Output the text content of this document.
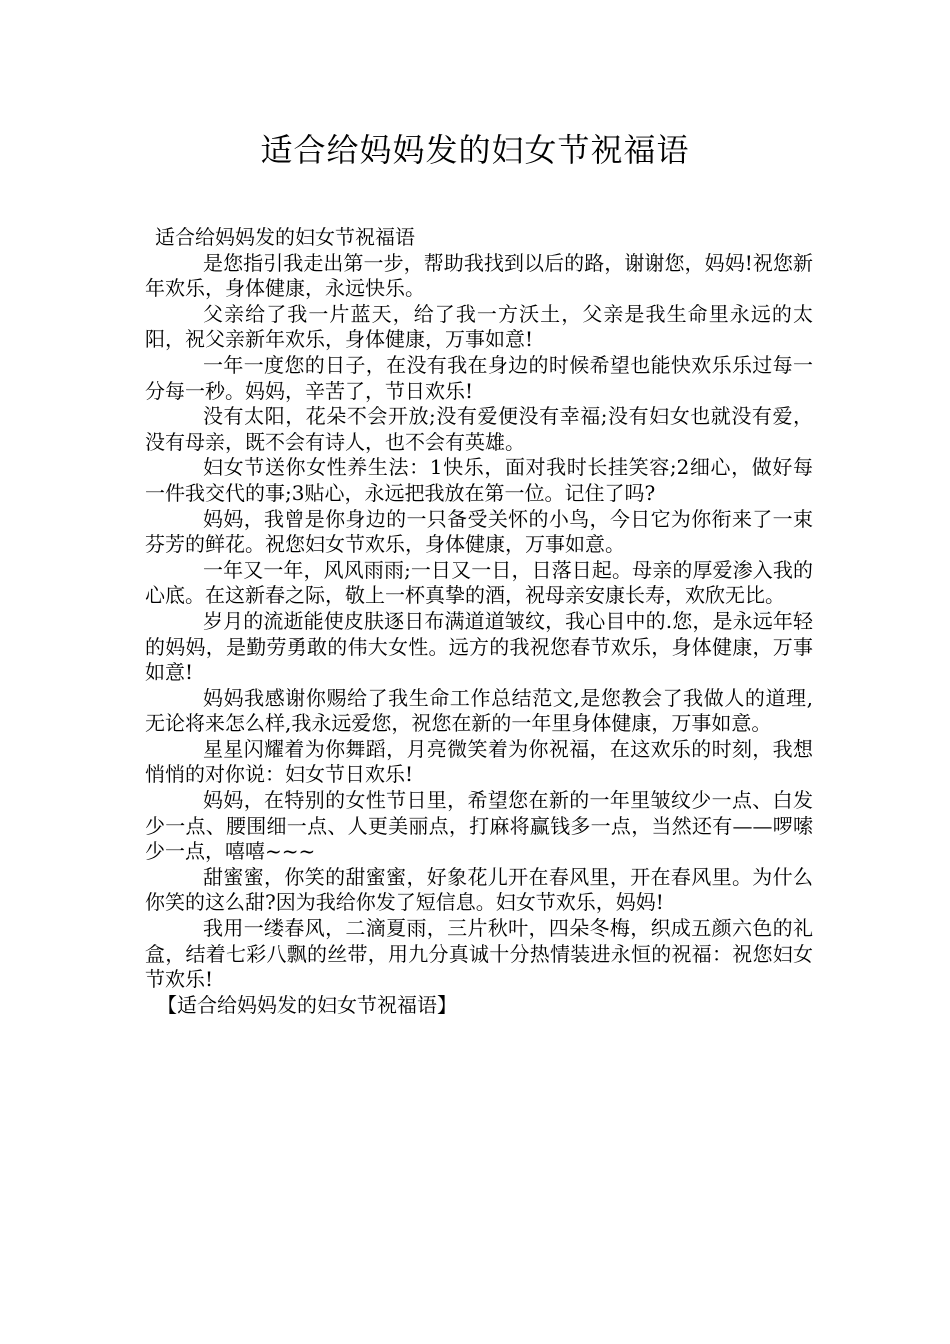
适合给妈妈发的妇女节祝福语

适合给妈妈发的妇女节祝福语

是您指引我走出第一步，帮助我找到以后的路，谢谢您，妈妈!祝您新年欢乐，身体健康，永远快乐。

父亲给了我一片蓝天，给了我一方沃土，父亲是我生命里永远的太阳，祝父亲新年欢乐，身体健康，万事如意!

一年一度您的日子，在没有我在身边的时候希望也能快欢乐乐过每一分每一秒。妈妈，辛苦了，节日欢乐!

没有太阳，花朵不会开放;没有爱便没有幸福;没有妇女也就没有爱，没有母亲，既不会有诗人，也不会有英雄。

妇女节送你女性养生法：1快乐，面对我时长挂笑容;2细心，做好每一件我交代的事;3贴心，永远把我放在第一位。记住了吗?

妈妈，我曾是你身边的一只备受关怀的小鸟，今日它为你衔来了一束芬芳的鲜花。祝您妇女节欢乐，身体健康，万事如意。

一年又一年，风风雨雨;一日又一日，日落日起。母亲的厚爱渗入我的心底。在这新春之际，敬上一杯真挚的酒，祝母亲安康长寿，欢欣无比。

岁月的流逝能使皮肤逐日布满道道皱纹，我心目中的.您，是永远年轻的妈妈，是勤劳勇敢的伟大女性。远方的我祝您春节欢乐，身体健康，万事如意!

妈妈我感谢你赐给了我生命工作总结范文,是您教会了我做人的道理,无论将来怎么样,我永远爱您，祝您在新的一年里身体健康，万事如意。

星星闪耀着为你舞蹈，月亮微笑着为你祝福，在这欢乐的时刻，我想悄悄的对你说：妇女节日欢乐!

妈妈，在特别的女性节日里，希望您在新的一年里皱纹少一点、白发少一点、腰围细一点、人更美丽点，打麻将赢钱多一点，当然还有——啰嗦少一点，嘻嘻~~~

甜蜜蜜，你笑的甜蜜蜜，好象花儿开在春风里，开在春风里。为什么你笑的这么甜?因为我给你发了短信息。妇女节欢乐，妈妈!

我用一缕春风，二滴夏雨，三片秋叶，四朵冬梅，织成五颜六色的礼盒，结着七彩八飘的丝带，用九分真诚十分热情装进永恒的祝福：祝您妇女节欢乐!

【适合给妈妈发的妇女节祝福语】
